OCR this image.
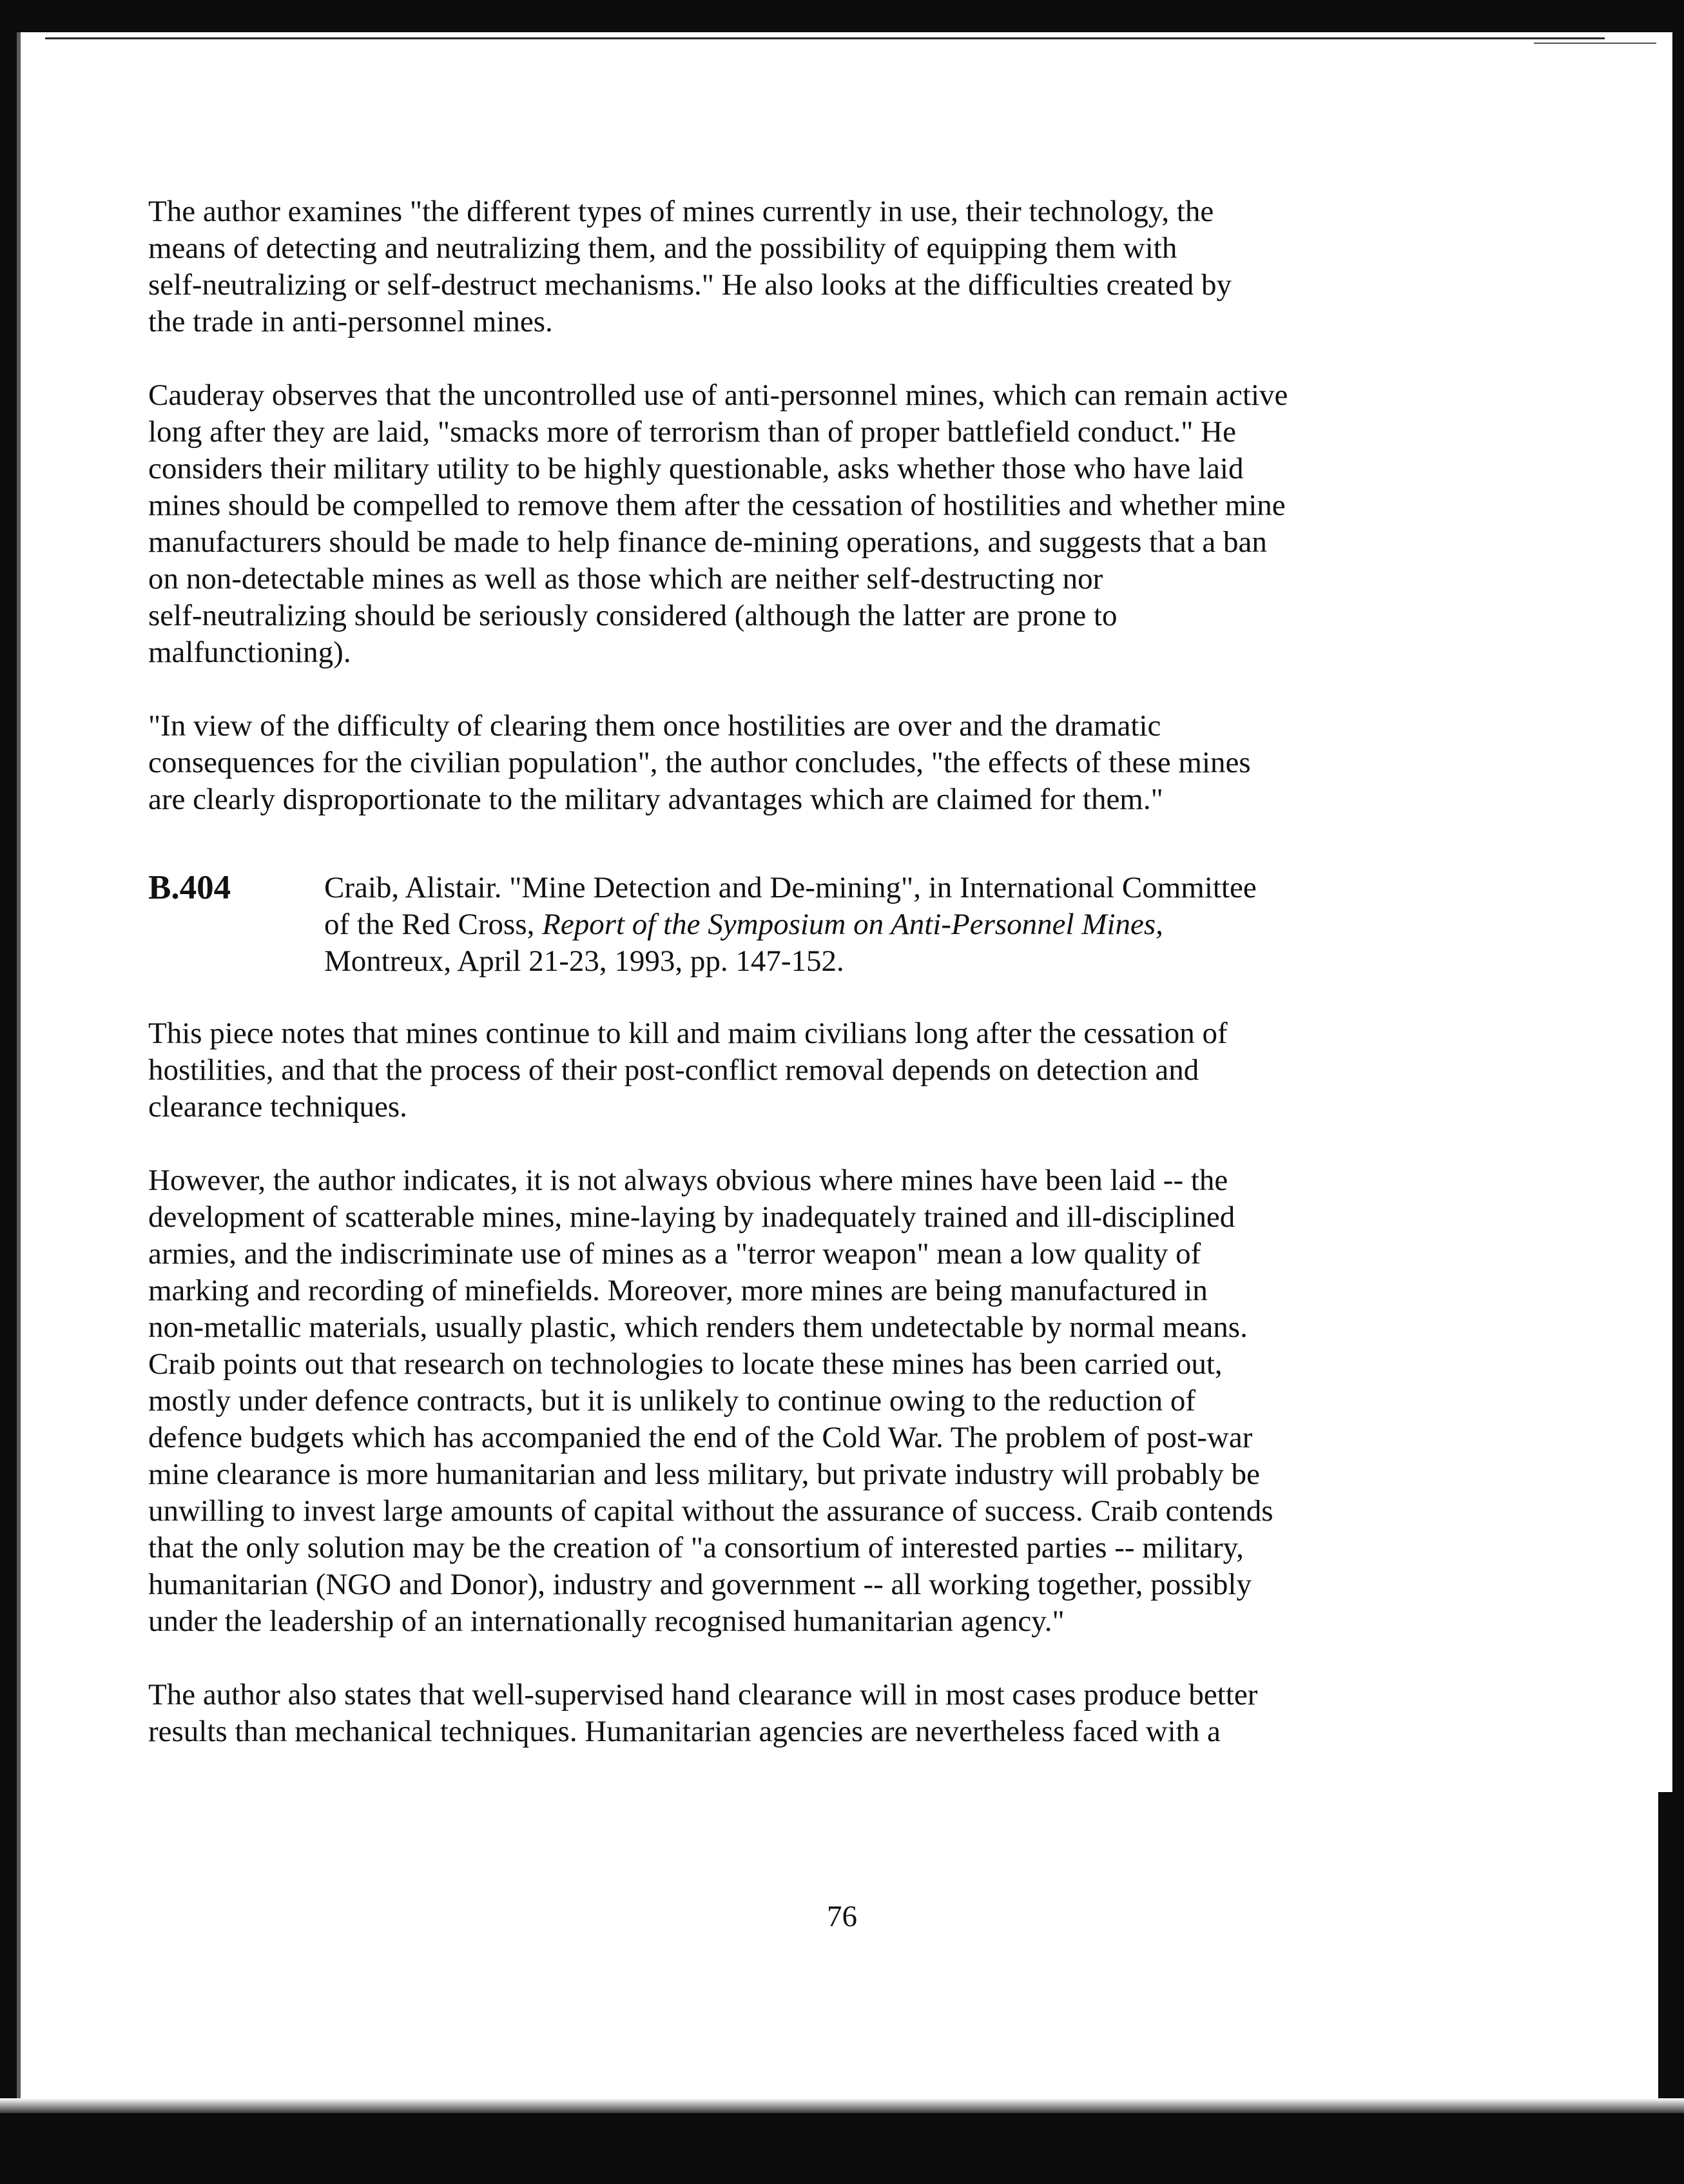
The author examines "the different types of mines currently in use, their technology, the
means of detecting and neutralizing them, and the possibility of equipping them with
self-neutralizing or self-destruct mechanisms." He also looks at the difficulties created by
the trade in anti-personnel mines.

Cauderay observes that the uncontrolled use of anti-personnel mines, which can remain active
long after they are laid, "smacks more of terrorism than of proper battlefield conduct." He
considers their military utility to be highly questionable, asks whether those who have laid
mines should be compelled to remove them after the cessation of hostilities and whether mine
manufacturers should be made to help finance de-mining operations, and suggests that a ban
on non-detectable mines as well as those which are neither self-destructing nor
self-neutralizing should be seriously considered (although the latter are prone to
malfunctioning).

"In view of the difficulty of clearing them once hostilities are over and the dramatic
consequences for the civilian population", the author concludes, "the effects of these mines
are clearly disproportionate to the military advantages which are claimed for them."

B.404	Craib, Alistair. "Mine Detection and De-mining", in International Committee
of the Red Cross, Report of the Symposium on Anti-Personnel Mines,
Montreux, April 21-23, 1993, pp. 147-152.

This piece notes that mines continue to kill and maim civilians long after the cessation of
hostilities, and that the process of their post-conflict removal depends on detection and
clearance techniques.

However, the author indicates, it is not always obvious where mines have been laid -- the
development of scatterable mines, mine-laying by inadequately trained and ill-disciplined
armies, and the indiscriminate use of mines as a "terror weapon" mean a low quality of
marking and recording of minefields. Moreover, more mines are being manufactured in
non-metallic materials, usually plastic, which renders them undetectable by normal means.
Craib points out that research on technologies to locate these mines has been carried out,
mostly under defence contracts, but it is unlikely to continue owing to the reduction of
defence budgets which has accompanied the end of the Cold War. The problem of post-war
mine clearance is more humanitarian and less military, but private industry will probably be
unwilling to invest large amounts of capital without the assurance of success. Craib contends
that the only solution may be the creation of "a consortium of interested parties -- military,
humanitarian (NGO and Donor), industry and government -- all working together, possibly
under the leadership of an internationally recognised humanitarian agency."

The author also states that well-supervised hand clearance will in most cases produce better
results than mechanical techniques. Humanitarian agencies are nevertheless faced with a

76
